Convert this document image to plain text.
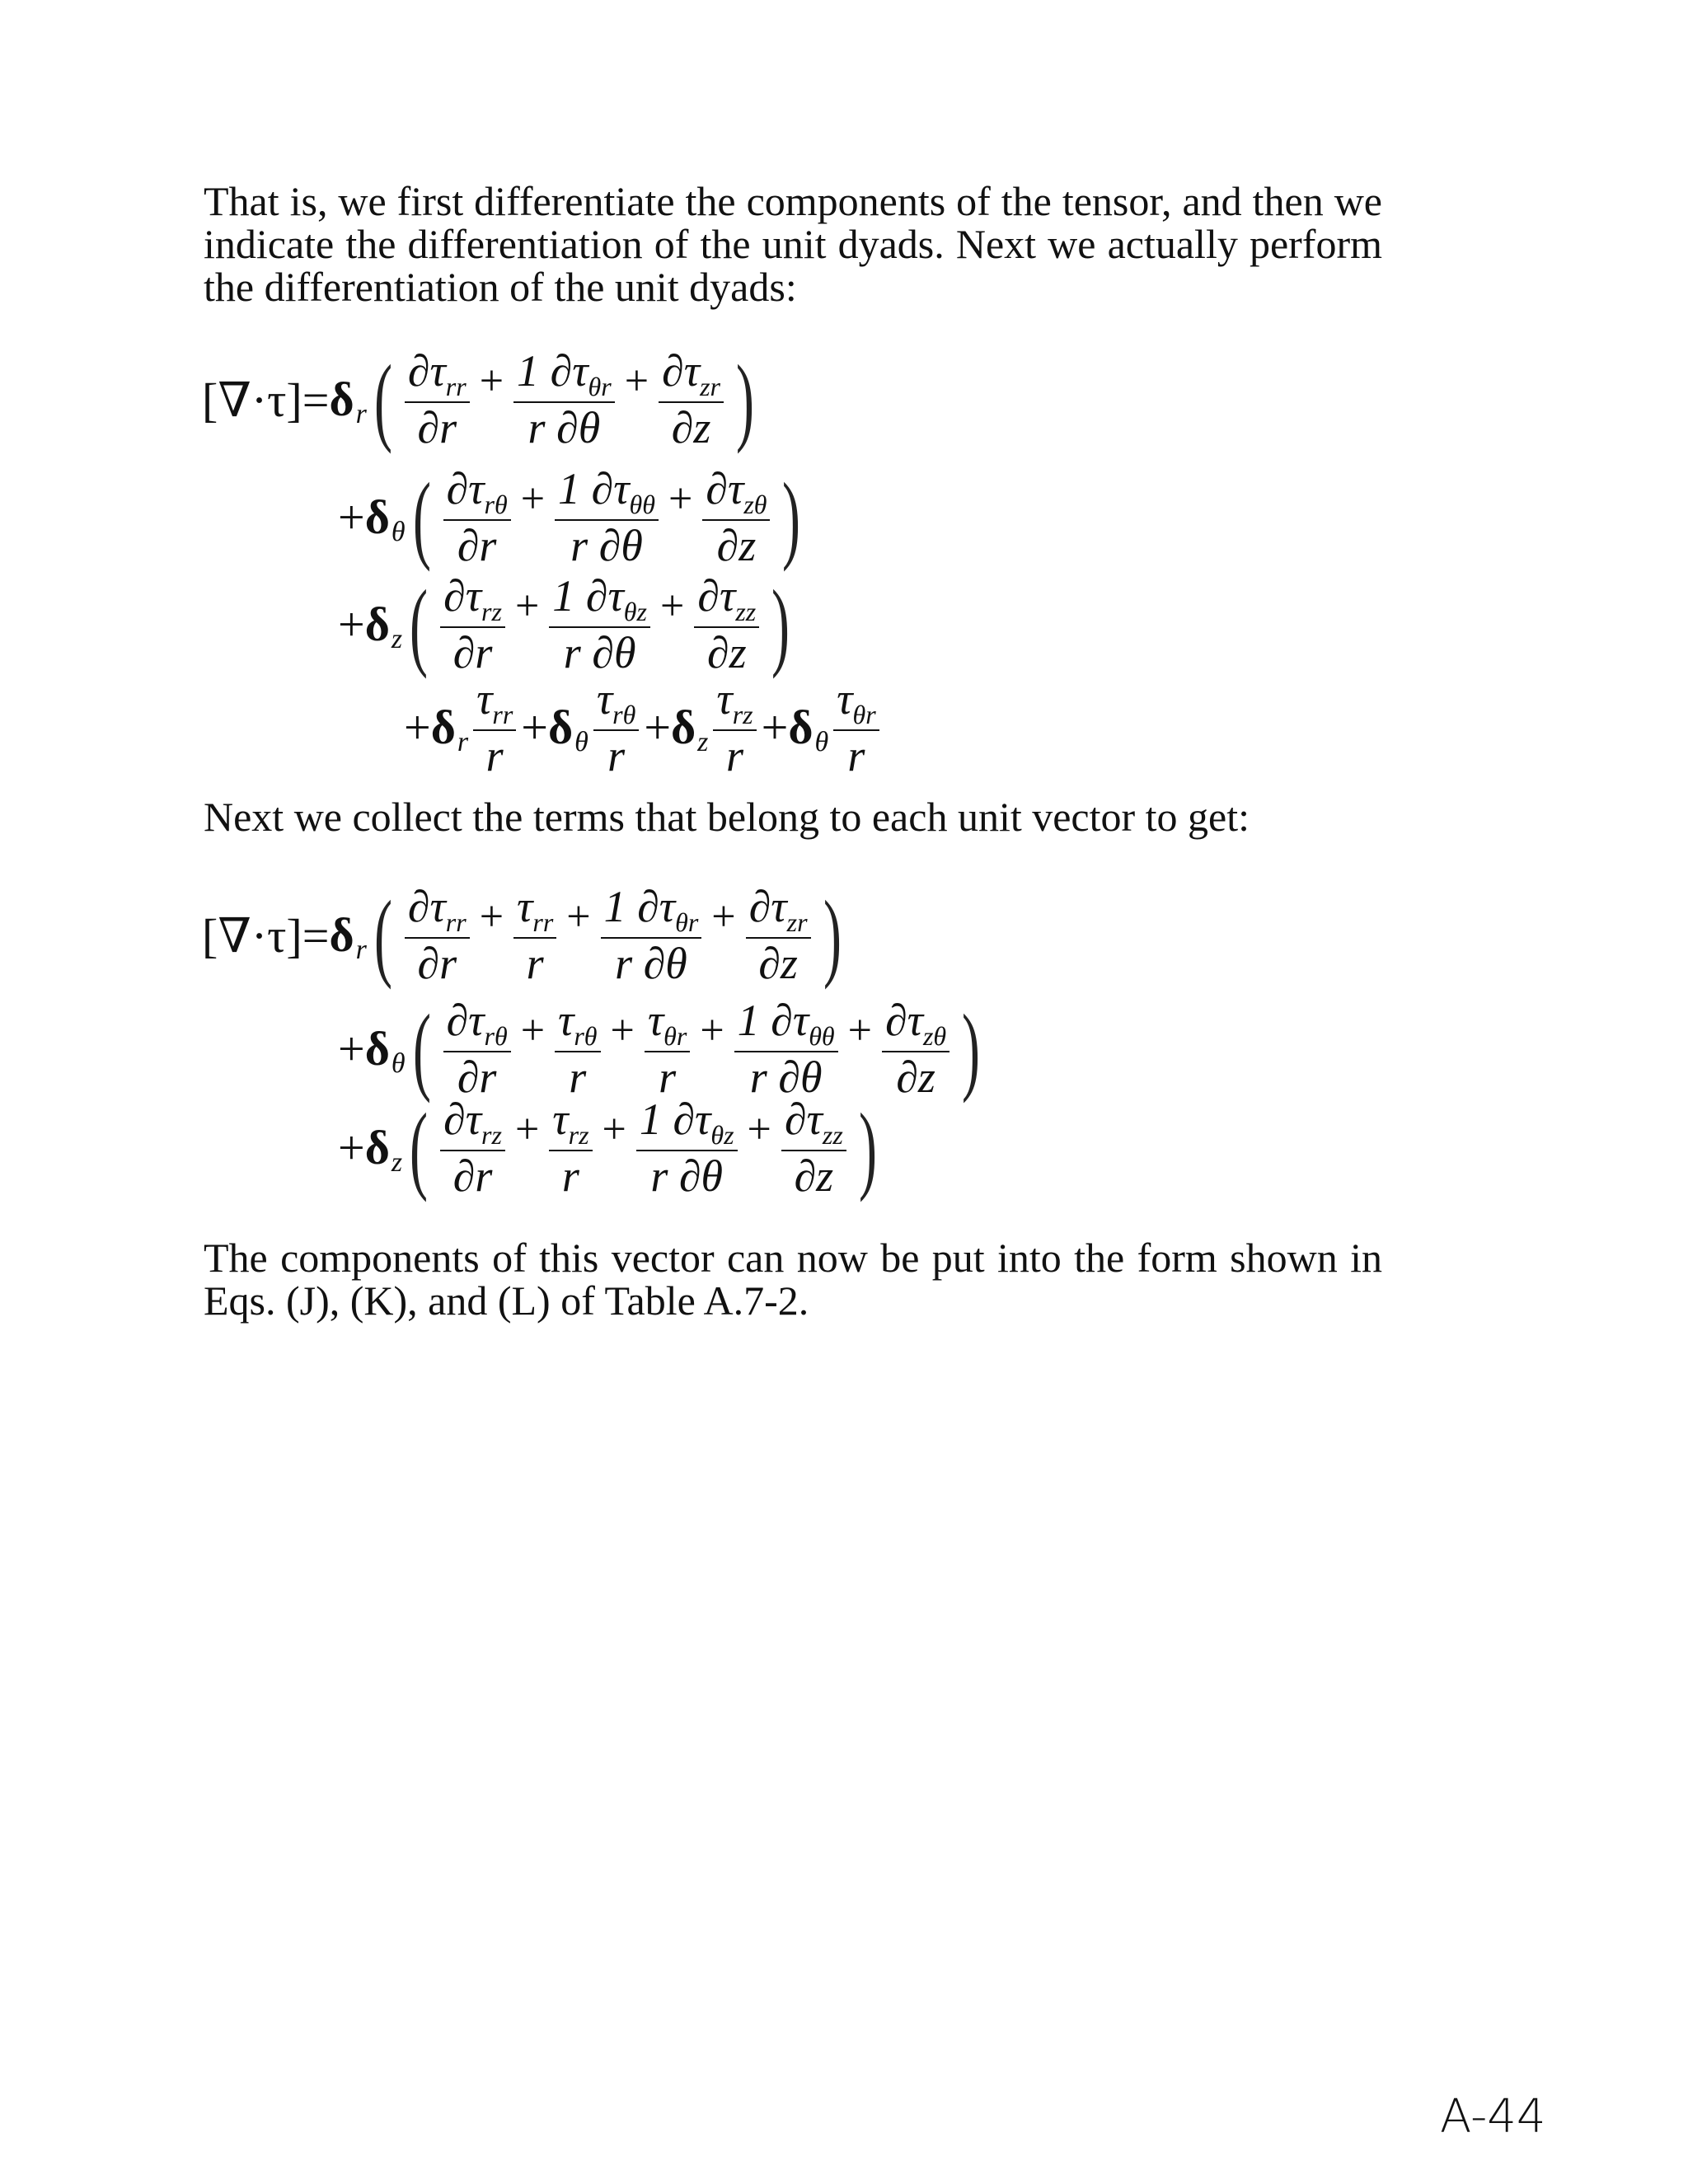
That is, we first differentiate the components of the tensor, and then we indicate the differentiation of the unit dyads. Next we actually perform the differentiation of the unit dyads:
[∇·τ]= δ r ( $\frac{\partial\tau_{rr}}{\partial r} + \frac{1 \partial\tau_{\theta r}}{r \partial\theta} + \frac{\partial\tau_{zr}}{\partial z}$ )
+ δ θ ( $\frac{\partial\tau_{r\theta}}{\partial r} + \frac{1 \partial\tau_{\theta\theta}}{r \partial\theta} + \frac{\partial\tau_{z\theta}}{\partial z}$ )
+ δ z ( $\frac{\partial\tau_{rz}}{\partial r} + \frac{1 \partial\tau_{\theta z}}{r \partial\theta} + \frac{\partial\tau_{zz}}{\partial z}$ )
+ δ r $\frac{\tau_{rr}}{r} + \delta$ θ $\frac{\tau_{r\theta}}{r} + \delta$ z $\frac{\tau_{rz}}{r} + \delta$ θ $\frac{\tau_{\theta r}}{r}$
Next we collect the terms that belong to each unit vector to get:
[∇·τ]= δ r ( $\frac{\partial\tau_{rr}}{\partial r} + \frac{\tau_{rr}}{r} + \frac{1 \partial\tau_{\theta r}}{r \partial\theta} + \frac{\partial\tau_{zr}}{\partial z}$ )
+ δ θ ( $\frac{\partial\tau_{r\theta}}{\partial r} + \frac{\tau_{r\theta}}{r} + \frac{\tau_{\theta r}}{r} + \frac{1 \partial\tau_{\theta\theta}}{r \partial\theta} + \frac{\partial\tau_{z\theta}}{\partial z}$ )
+ δ z ( $\frac{\partial\tau_{rz}}{\partial r} + \frac{\tau_{rz}}{r} + \frac{1 \partial\tau_{\theta z}}{r \partial\theta} + \frac{\partial\tau_{zz}}{\partial z}$ )
The components of this vector can now be put into the form shown in Eqs. (J), (K), and (L) of Table A.7-2.
A-44
